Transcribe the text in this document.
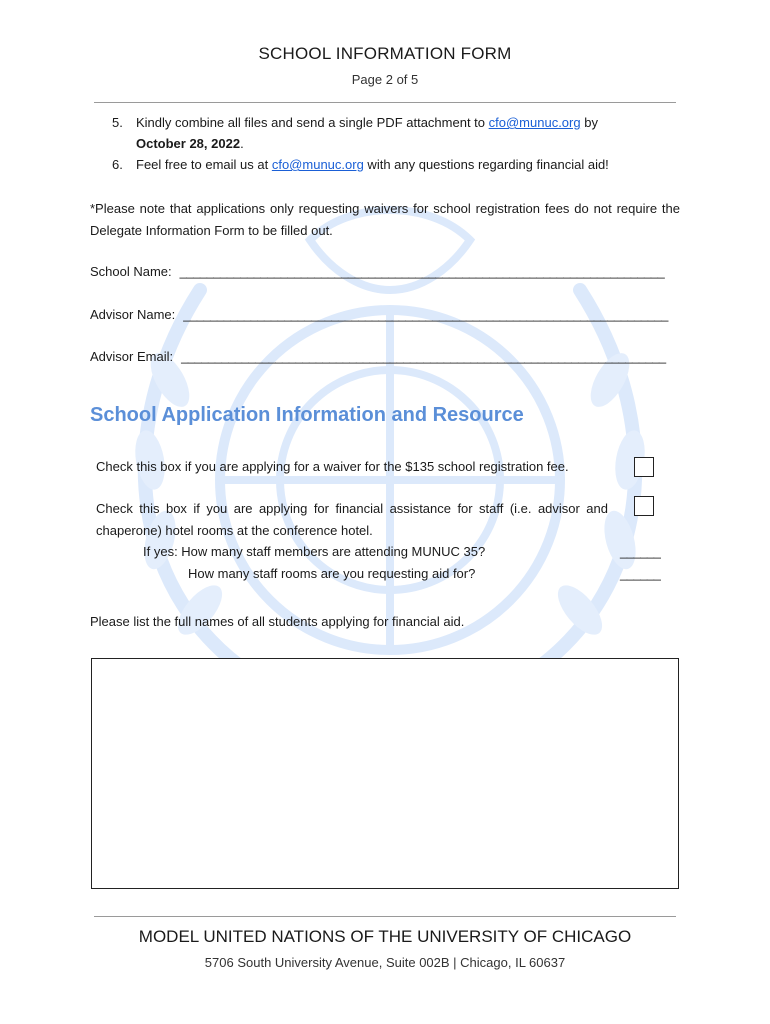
SCHOOL INFORMATION FORM
Page 2 of 5
5. Kindly combine all files and send a single PDF attachment to cfo@munuc.org by
October 28, 2022.
6. Feel free to email us at cfo@munuc.org with any questions regarding financial aid!
*Please note that applications only requesting waivers for school registration fees do not require the Delegate Information Form to be filled out.
School Name: ________________________________________________________________________
Advisor Name: ________________________________________________________________________
Advisor Email: ________________________________________________________________________
School Application Information and Resource
Check this box if you are applying for a waiver for the $135 school registration fee.
Check this box if you are applying for financial assistance for staff (i.e. advisor and chaperone) hotel rooms at the conference hotel.
If yes: How many staff members are attending MUNUC 35?	______
How many staff rooms are you requesting aid for?	______
Please list the full names of all students applying for financial aid.
MODEL UNITED NATIONS OF THE UNIVERSITY OF CHICAGO
5706 South University Avenue, Suite 002B | Chicago, IL 60637
